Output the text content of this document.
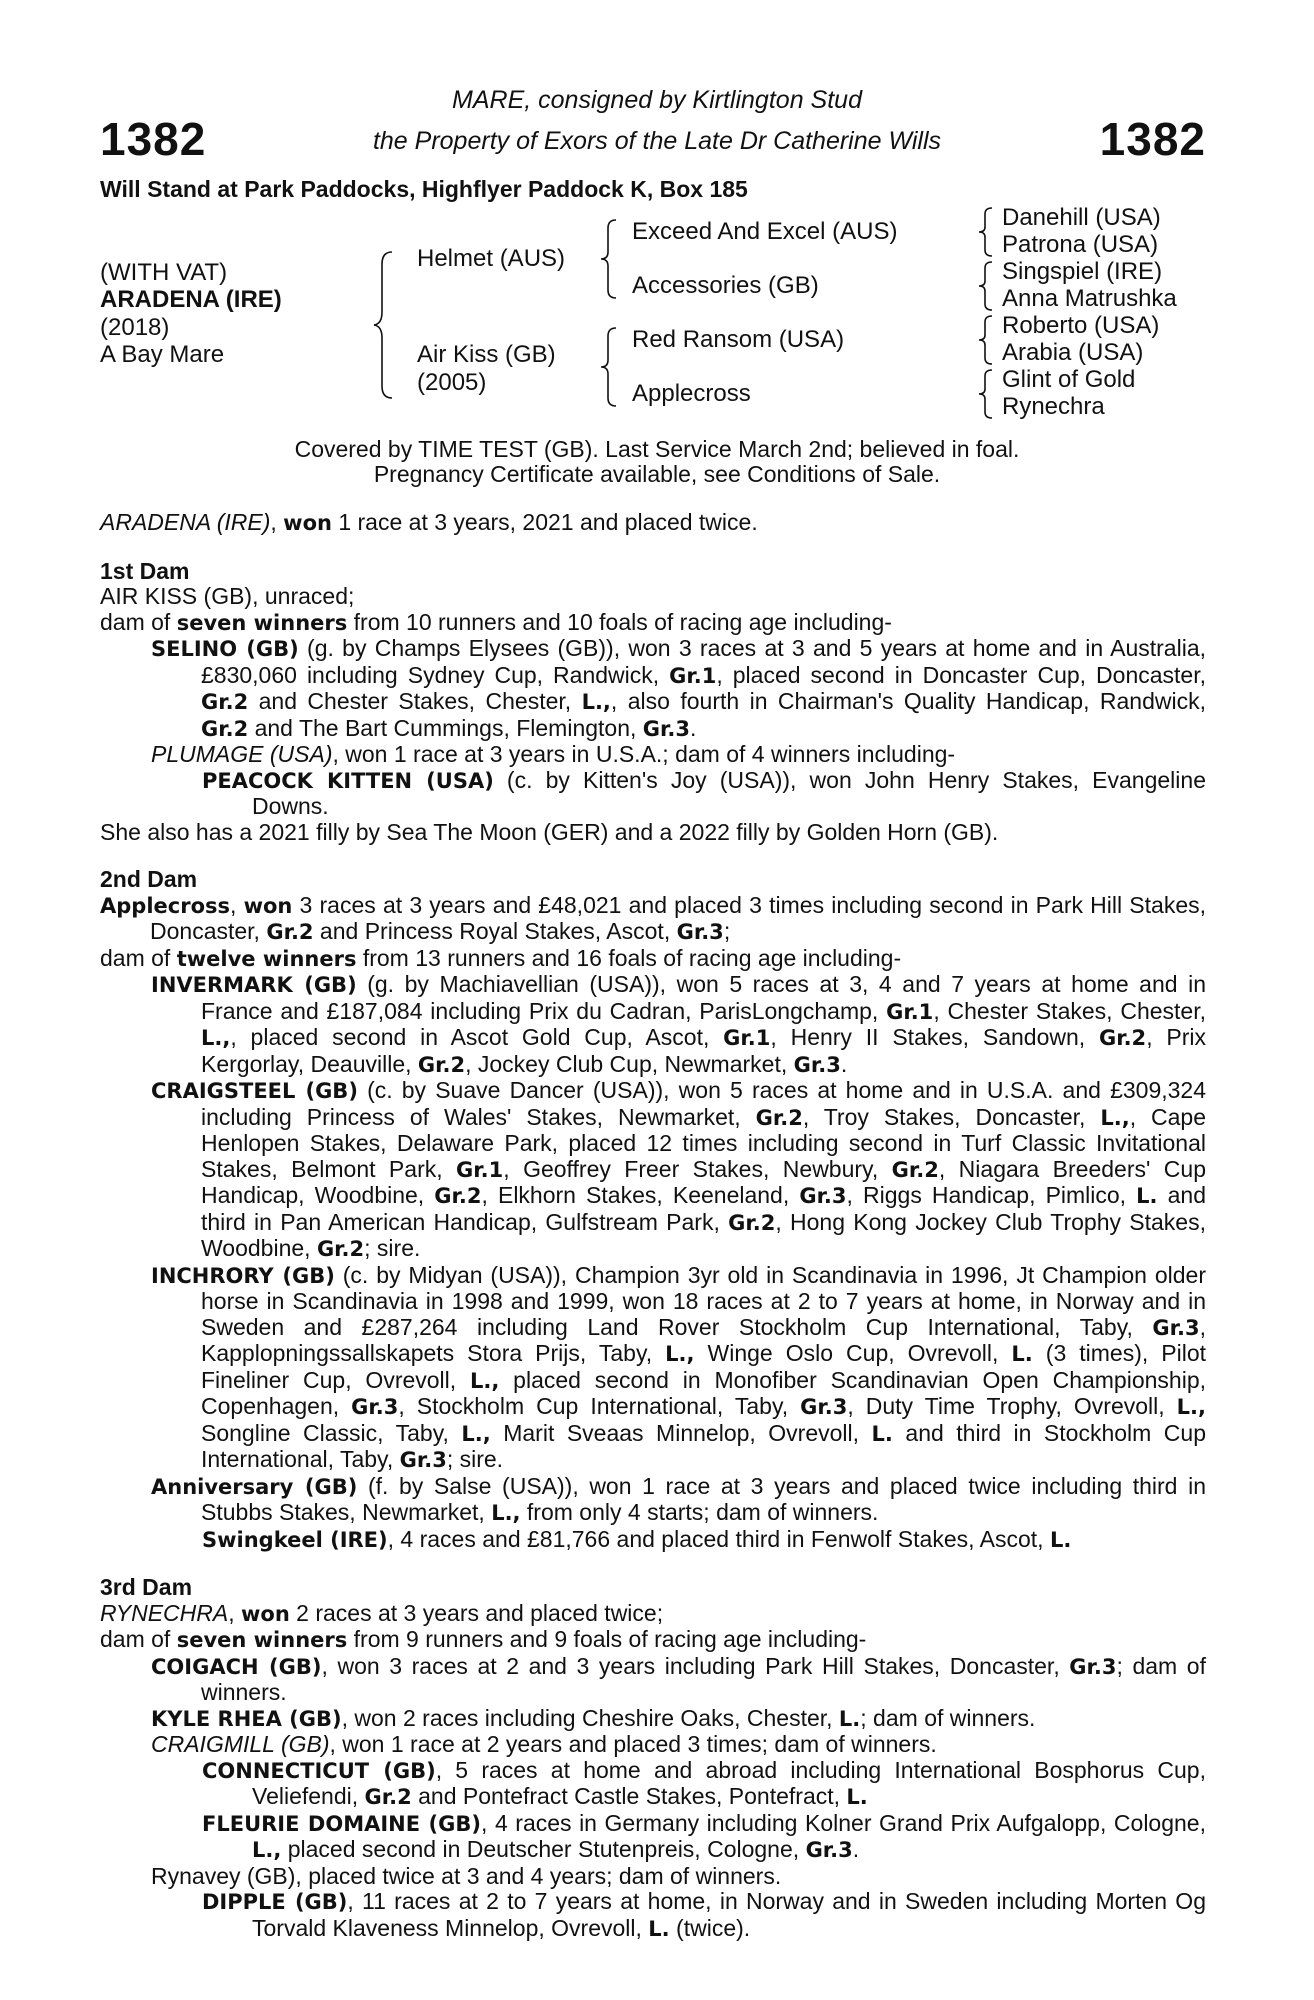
1382	1382
MARE, consigned by Kirtlington Stud
the Property of Exors of the Late Dr Catherine Wills
Will Stand at Park Paddocks, Highflyer Paddock K, Box 185
(WITH VAT)
ARADENA (IRE)
(2018)
A Bay Mare
Helmet (AUS)
Air Kiss (GB)
(2005)
Exceed And Excel (AUS)
Accessories (GB)
Red Ransom (USA)
Applecross
Danehill (USA)
Patrona (USA)
Singspiel (IRE)
Anna Matrushka
Roberto (USA)
Arabia (USA)
Glint of Gold
Rynechra
Covered by TIME TEST (GB). Last Service March 2nd; believed in foal.
Pregnancy Certificate available, see Conditions of Sale.

ARADENA (IRE), won 1 race at 3 years, 2021 and placed twice.

1st Dam

AIR KISS (GB), unraced;

dam of seven winners from 10 runners and 10 foals of racing age including-

SELINO (GB) (g. by Champs Elysees (GB)), won 3 races at 3 and 5 years at home and in Australia, £830,060 including Sydney Cup, Randwick, Gr.1, placed second in Doncaster Cup, Doncaster, Gr.2 and Chester Stakes, Chester, L.,, also fourth in Chairman's Quality Handicap, Randwick, Gr.2 and The Bart Cummings, Flemington, Gr.3.

PLUMAGE (USA), won 1 race at 3 years in U.S.A.; dam of 4 winners including-

PEACOCK KITTEN (USA) (c. by Kitten's Joy (USA)), won John Henry Stakes, Evangeline Downs.

She also has a 2021 filly by Sea The Moon (GER) and a 2022 filly by Golden Horn (GB).

2nd Dam

Applecross, won 3 races at 3 years and £48,021 and placed 3 times including second in Park Hill Stakes, Doncaster, Gr.2 and Princess Royal Stakes, Ascot, Gr.3;

dam of twelve winners from 13 runners and 16 foals of racing age including-

INVERMARK (GB) (g. by Machiavellian (USA)), won 5 races at 3, 4 and 7 years at home and in France and £187,084 including Prix du Cadran, ParisLongchamp, Gr.1, Chester Stakes, Chester, L.,, placed second in Ascot Gold Cup, Ascot, Gr.1, Henry II Stakes, Sandown, Gr.2, Prix Kergorlay, Deauville, Gr.2, Jockey Club Cup, Newmarket, Gr.3.

CRAIGSTEEL (GB) (c. by Suave Dancer (USA)), won 5 races at home and in U.S.A. and £309,324 including Princess of Wales' Stakes, Newmarket, Gr.2, Troy Stakes, Doncaster, L.,, Cape Henlopen Stakes, Delaware Park, placed 12 times including second in Turf Classic Invitational Stakes, Belmont Park, Gr.1, Geoffrey Freer Stakes, Newbury, Gr.2, Niagara Breeders' Cup Handicap, Woodbine, Gr.2, Elkhorn Stakes, Keeneland, Gr.3, Riggs Handicap, Pimlico, L. and third in Pan American Handicap, Gulfstream Park, Gr.2, Hong Kong Jockey Club Trophy Stakes, Woodbine, Gr.2; sire.

INCHRORY (GB) (c. by Midyan (USA)), Champion 3yr old in Scandinavia in 1996, Jt Champion older horse in Scandinavia in 1998 and 1999, won 18 races at 2 to 7 years at home, in Norway and in Sweden and £287,264 including Land Rover Stockholm Cup International, Taby, Gr.3, Kapplopningssallskapets Stora Prijs, Taby, L., Winge Oslo Cup, Ovrevoll, L. (3 times), Pilot Fineliner Cup, Ovrevoll, L., placed second in Monofiber Scandinavian Open Championship, Copenhagen, Gr.3, Stockholm Cup International, Taby, Gr.3, Duty Time Trophy, Ovrevoll, L., Songline Classic, Taby, L., Marit Sveaas Minnelop, Ovrevoll, L. and third in Stockholm Cup International, Taby, Gr.3; sire.

Anniversary (GB) (f. by Salse (USA)), won 1 race at 3 years and placed twice including third in Stubbs Stakes, Newmarket, L., from only 4 starts; dam of winners.

Swingkeel (IRE), 4 races and £81,766 and placed third in Fenwolf Stakes, Ascot, L.

3rd Dam

RYNECHRA, won 2 races at 3 years and placed twice;

dam of seven winners from 9 runners and 9 foals of racing age including-

COIGACH (GB), won 3 races at 2 and 3 years including Park Hill Stakes, Doncaster, Gr.3; dam of winners.

KYLE RHEA (GB), won 2 races including Cheshire Oaks, Chester, L.; dam of winners.

CRAIGMILL (GB), won 1 race at 2 years and placed 3 times; dam of winners.

CONNECTICUT (GB), 5 races at home and abroad including International Bosphorus Cup, Veliefendi, Gr.2 and Pontefract Castle Stakes, Pontefract, L.

FLEURIE DOMAINE (GB), 4 races in Germany including Kolner Grand Prix Aufgalopp, Cologne, L., placed second in Deutscher Stutenpreis, Cologne, Gr.3.

Rynavey (GB), placed twice at 3 and 4 years; dam of winners.

DIPPLE (GB), 11 races at 2 to 7 years at home, in Norway and in Sweden including Morten Og Torvald Klaveness Minnelop, Ovrevoll, L. (twice).
